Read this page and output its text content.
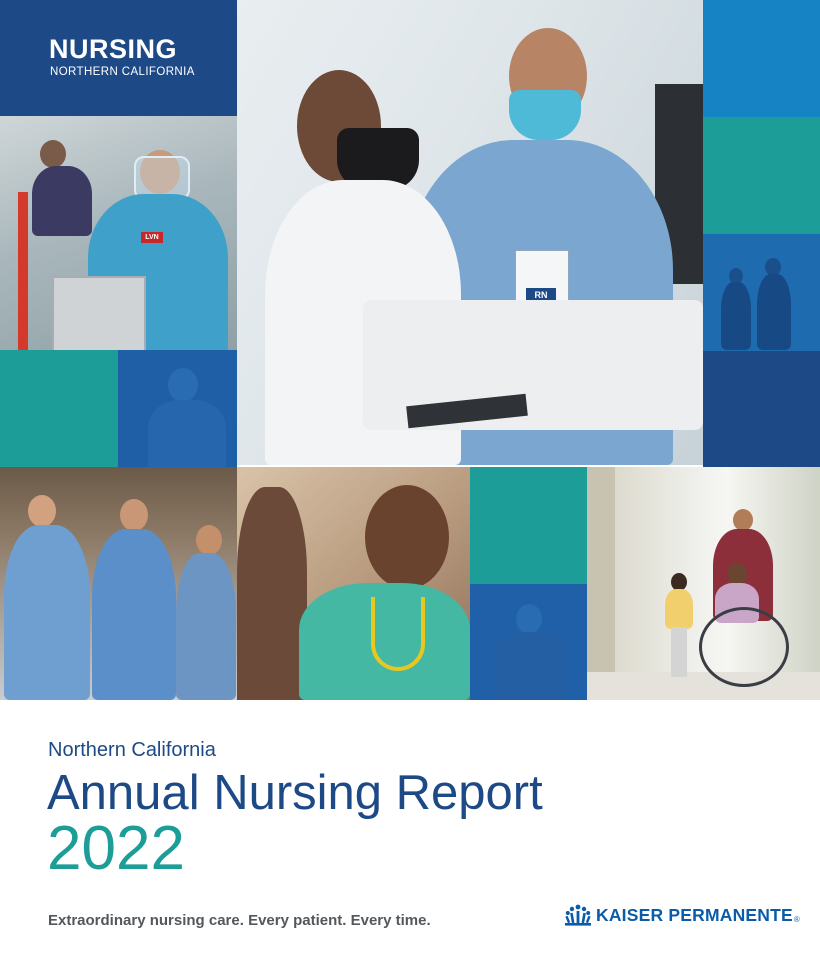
NURSING
NORTHERN CALIFORNIA
LVN
RN
Northern California
Annual Nursing Report
2022
Extraordinary nursing care. Every patient. Every time.	KAISER PERMANENTE ®
